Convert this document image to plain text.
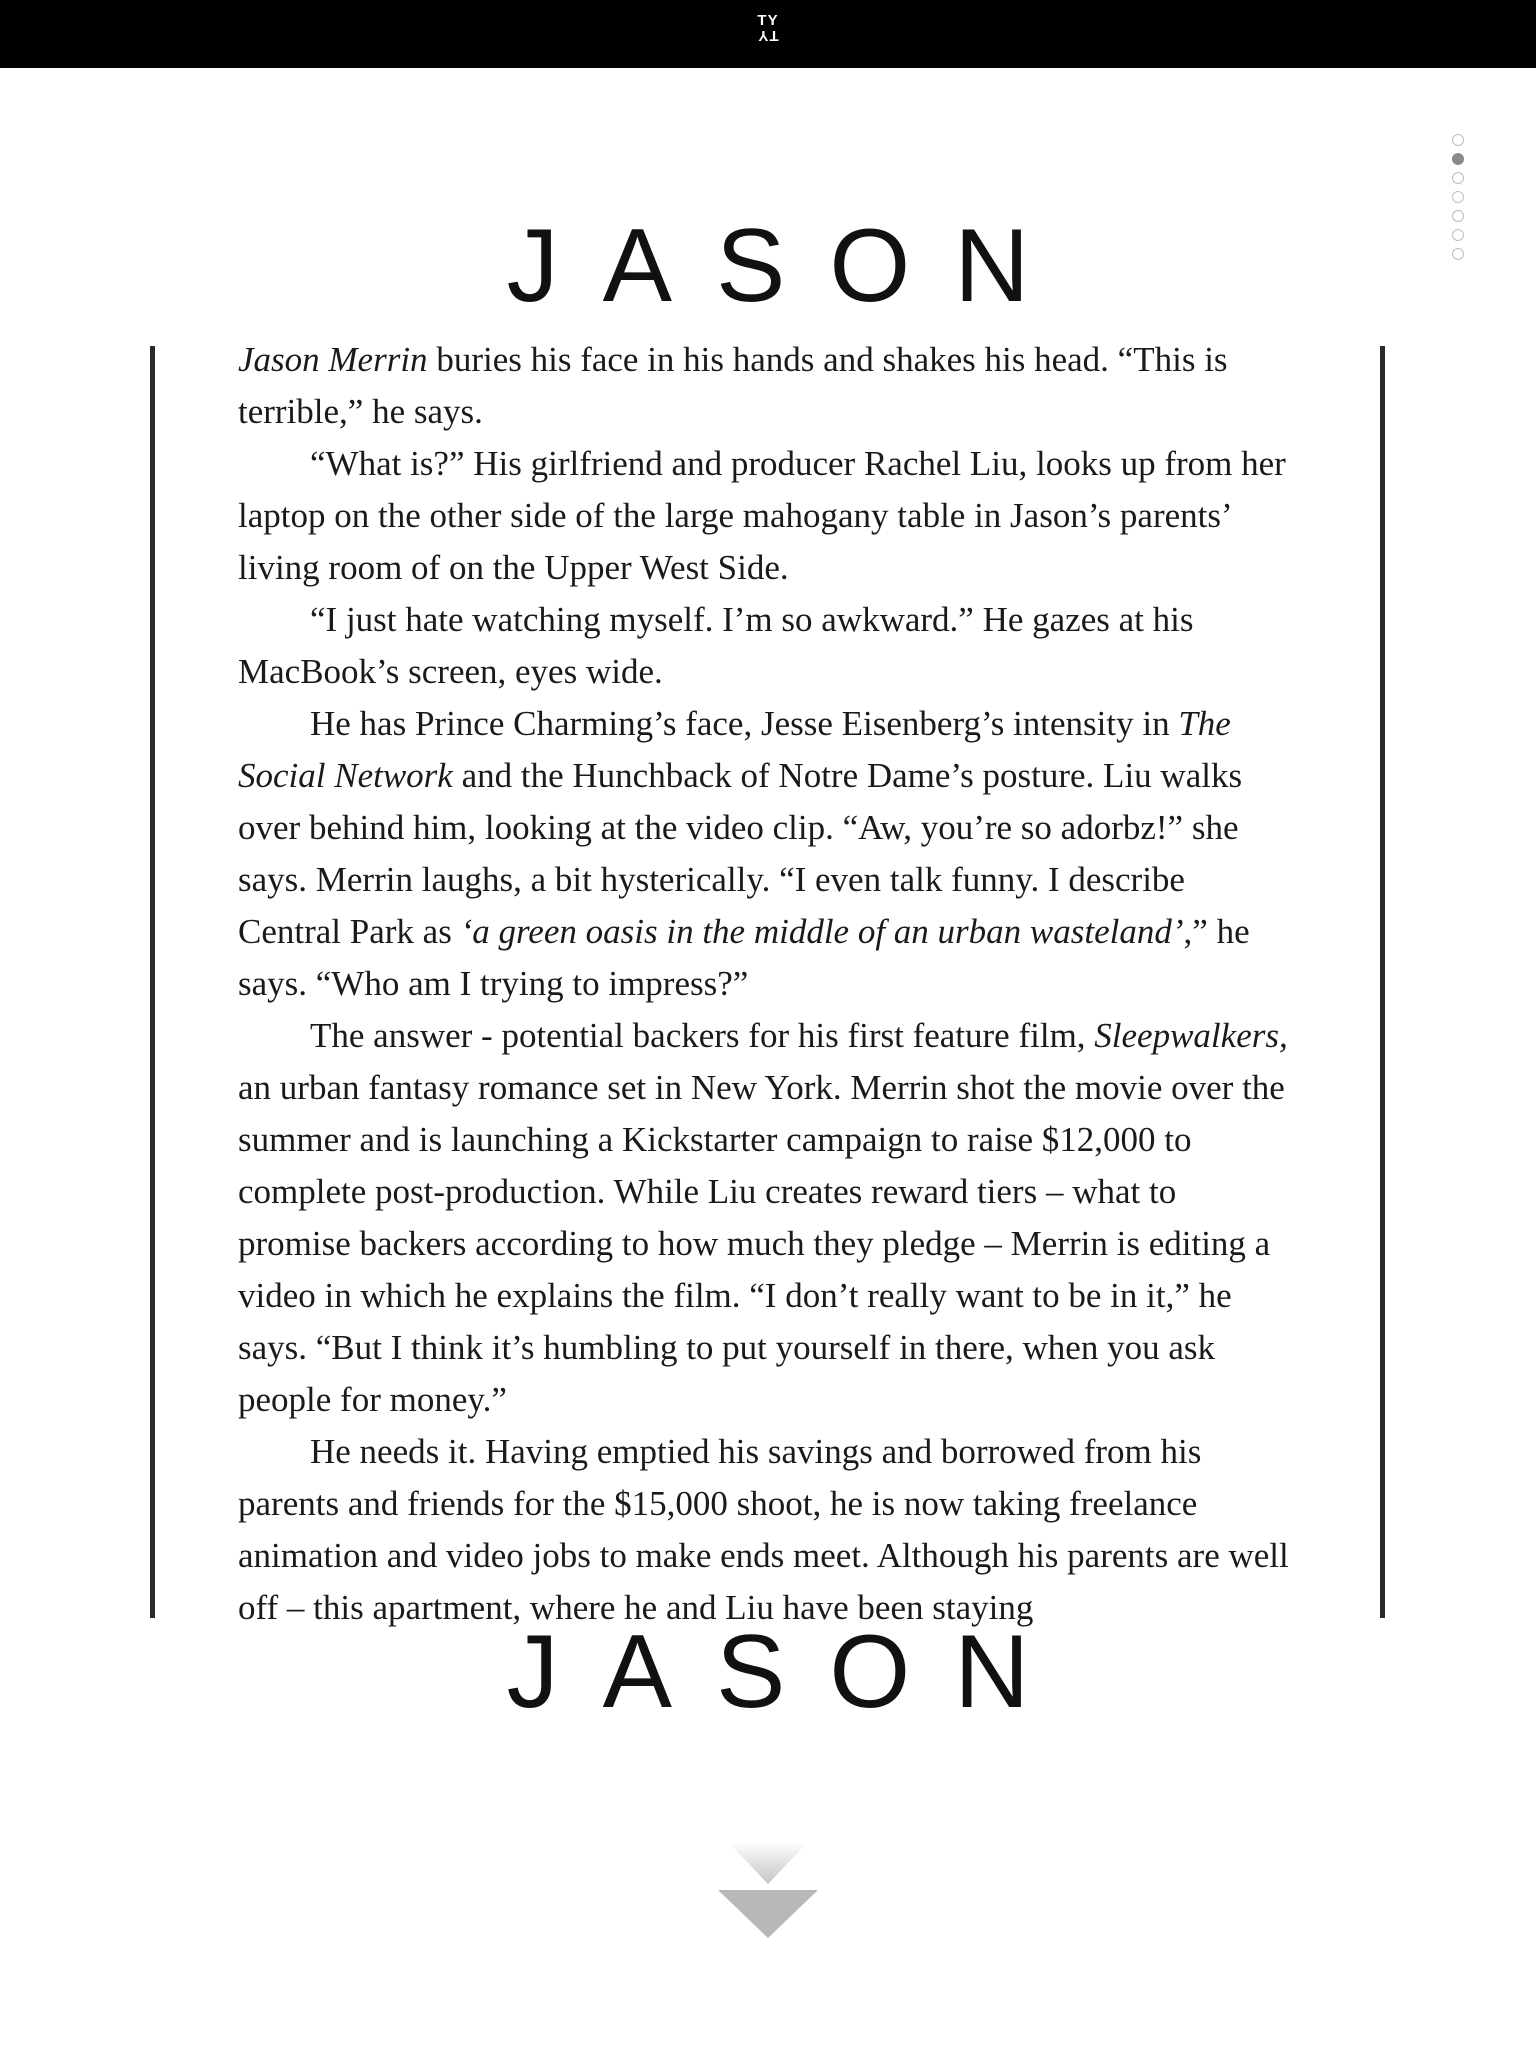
TY
TY
JASON

Jason Merrin buries his face in his hands and shakes his head. “This is terrible,” he says.

“What is?” His girlfriend and producer Rachel Liu, looks up from her laptop on the other side of the large mahogany table in Jason’s parents’ living room of on the Upper West Side.

“I just hate watching myself. I’m so awkward.” He gazes at his MacBook’s screen, eyes wide.

He has Prince Charming’s face, Jesse Eisenberg’s intensity in The Social Network and the Hunchback of Notre Dame’s posture. Liu walks over behind him, looking at the video clip. “Aw, you’re so adorbz!” she says. Merrin laughs, a bit hysterically. “I even talk funny. I describe Central Park as ‘a green oasis in the middle of an urban wasteland’,” he says. “Who am I trying to impress?”

The answer - potential backers for his first feature film, Sleepwalkers, an urban fantasy romance set in New York. Merrin shot the movie over the summer and is launching a Kickstarter campaign to raise $12,000 to complete post-production. While Liu creates reward tiers – what to promise backers according to how much they pledge – Merrin is editing a video in which he explains the film. “I don’t really want to be in it,” he says. “But I think it’s humbling to put yourself in there, when you ask people for money.”

He needs it. Having emptied his savings and borrowed from his parents and friends for the $15,000 shoot, he is now taking freelance animation and video jobs to make ends meet. Although his parents are well off – this apartment, where he and Liu have been staying

JASON
